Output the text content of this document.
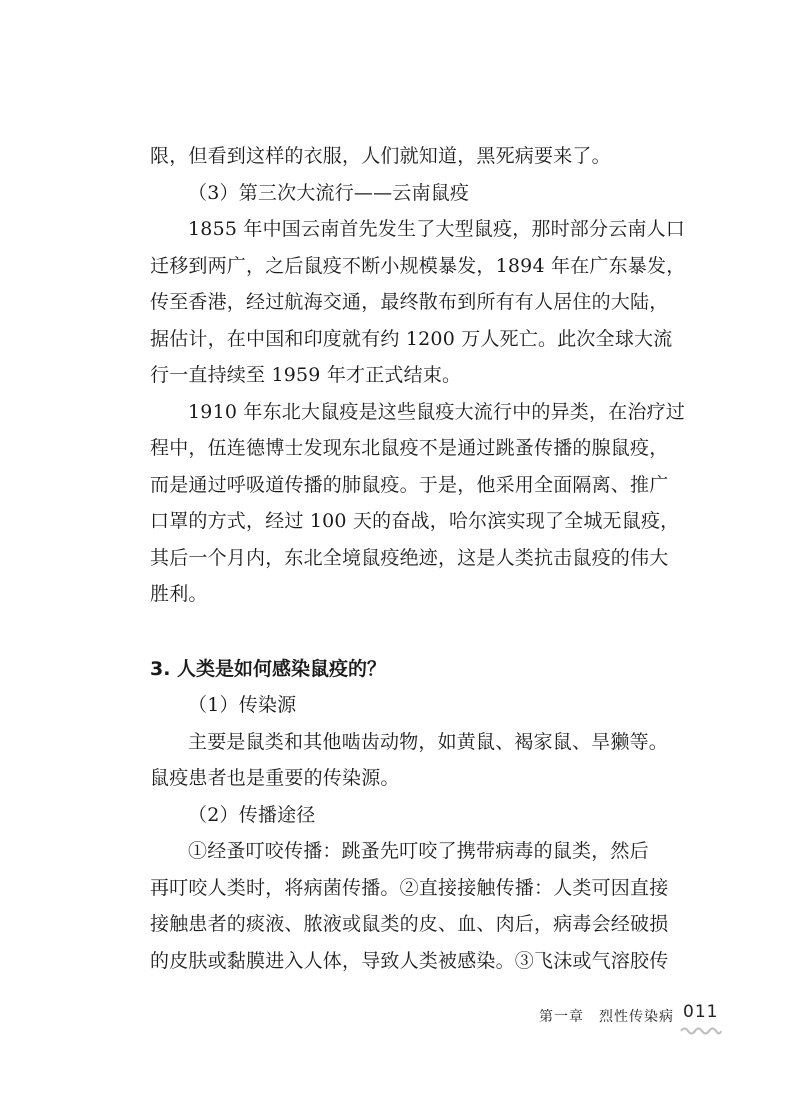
限，但看到这样的衣服，人们就知道，黑死病要来了。
（3）第三次大流行——云南鼠疫
1855 年中国云南首先发生了大型鼠疫，那时部分云南人口
迁移到两广，之后鼠疫不断小规模暴发，1894 年在广东暴发，
传至香港，经过航海交通，最终散布到所有有人居住的大陆，
据估计，在中国和印度就有约 1200 万人死亡。此次全球大流
行一直持续至 1959 年才正式结束。
1910 年东北大鼠疫是这些鼠疫大流行中的异类，在治疗过
程中，伍连德博士发现东北鼠疫不是通过跳蚤传播的腺鼠疫，
而是通过呼吸道传播的肺鼠疫。于是，他采用全面隔离、推广
口罩的方式，经过 100 天的奋战，哈尔滨实现了全城无鼠疫，
其后一个月内，东北全境鼠疫绝迹，这是人类抗击鼠疫的伟大
胜利。
3. 人类是如何感染鼠疫的？
（1）传染源
主要是鼠类和其他啮齿动物，如黄鼠、褐家鼠、旱獭等。
鼠疫患者也是重要的传染源。
（2）传播途径
①经蚤叮咬传播：跳蚤先叮咬了携带病毒的鼠类，然后
再叮咬人类时，将病菌传播。②直接接触传播：人类可因直接
接触患者的痰液、脓液或鼠类的皮、血、肉后，病毒会经破损
的皮肤或黏膜进入人体，导致人类被感染。③飞沫或气溶胶传
第一章　烈性传染病 011
